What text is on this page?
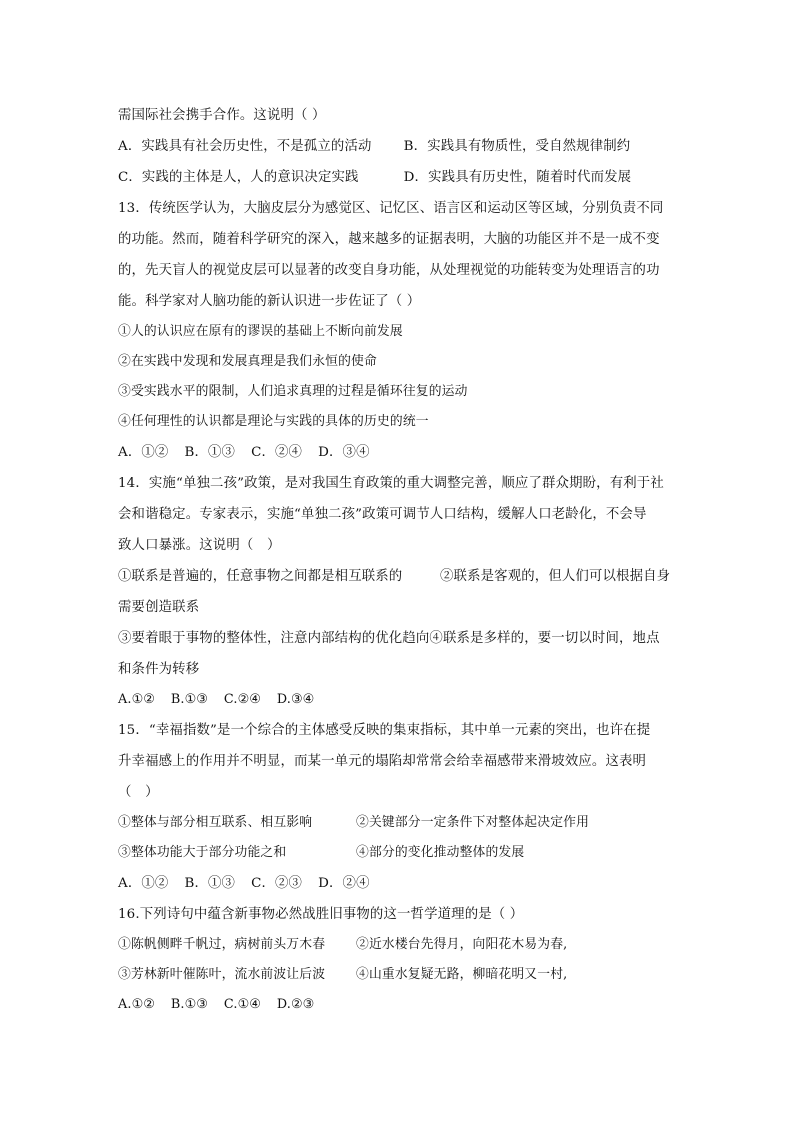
需国际社会携手合作。这说明（ ）
A．实践具有社会历史性，不是孤立的活动	B．实践具有物质性，受自然规律制约
C．实践的主体是人，人的意识决定实践	D．实践具有历史性，随着时代而发展
13．传统医学认为，大脑皮层分为感觉区、记忆区、语言区和运动区等区域，分别负责不同
的功能。然而，随着科学研究的深入，越来越多的证据表明，大脑的功能区并不是一成不变
的，先天盲人的视觉皮层可以显著的改变自身功能，从处理视觉的功能转变为处理语言的功
能。科学家对人脑功能的新认识进一步佐证了（ ）
①人的认识应在原有的谬误的基础上不断向前发展
②在实践中发现和发展真理是我们永恒的使命
③受实践水平的限制，人们追求真理的过程是循环往复的运动
④任何理性的认识都是理论与实践的具体的历史的统一
A．①② B．①③ C．②④ D．③④
14．实施“单独二孩”政策，是对我国生育政策的重大调整完善，顺应了群众期盼，有利于社
会和谐稳定。专家表示，实施“单独二孩”政策可调节人口结构，缓解人口老龄化，不会导
致人口暴涨。这说明（　）
①联系是普遍的，任意事物之间都是相互联系的	②联系是客观的，但人们可以根据自身
需要创造联系
③要着眼于事物的整体性，注意内部结构的优化趋向④联系是多样的，要一切以时间，地点
和条件为转移
A.①② B.①③ C.②④ D.③④
15．“幸福指数”是一个综合的主体感受反映的集束指标，其中单一元素的突出，也许在提
升幸福感上的作用并不明显，而某一单元的塌陷却常常会给幸福感带来滑坡效应。这表明
（　）
①整体与部分相互联系、相互影响	②关键部分一定条件下对整体起决定作用
③整体功能大于部分功能之和	④部分的变化推动整体的发展
A．①② B．①③ C．②③ D．②④
16.下列诗句中蕴含新事物必然战胜旧事物的这一哲学道理的是（ ）
①陈帆侧畔千帆过，病树前头万木春	②近水楼台先得月，向阳花木易为春,
③芳林新叶催陈叶，流水前波让后波	④山重水复疑无路，柳暗花明又一村,
A.①② B.①③ C.①④ D.②③
